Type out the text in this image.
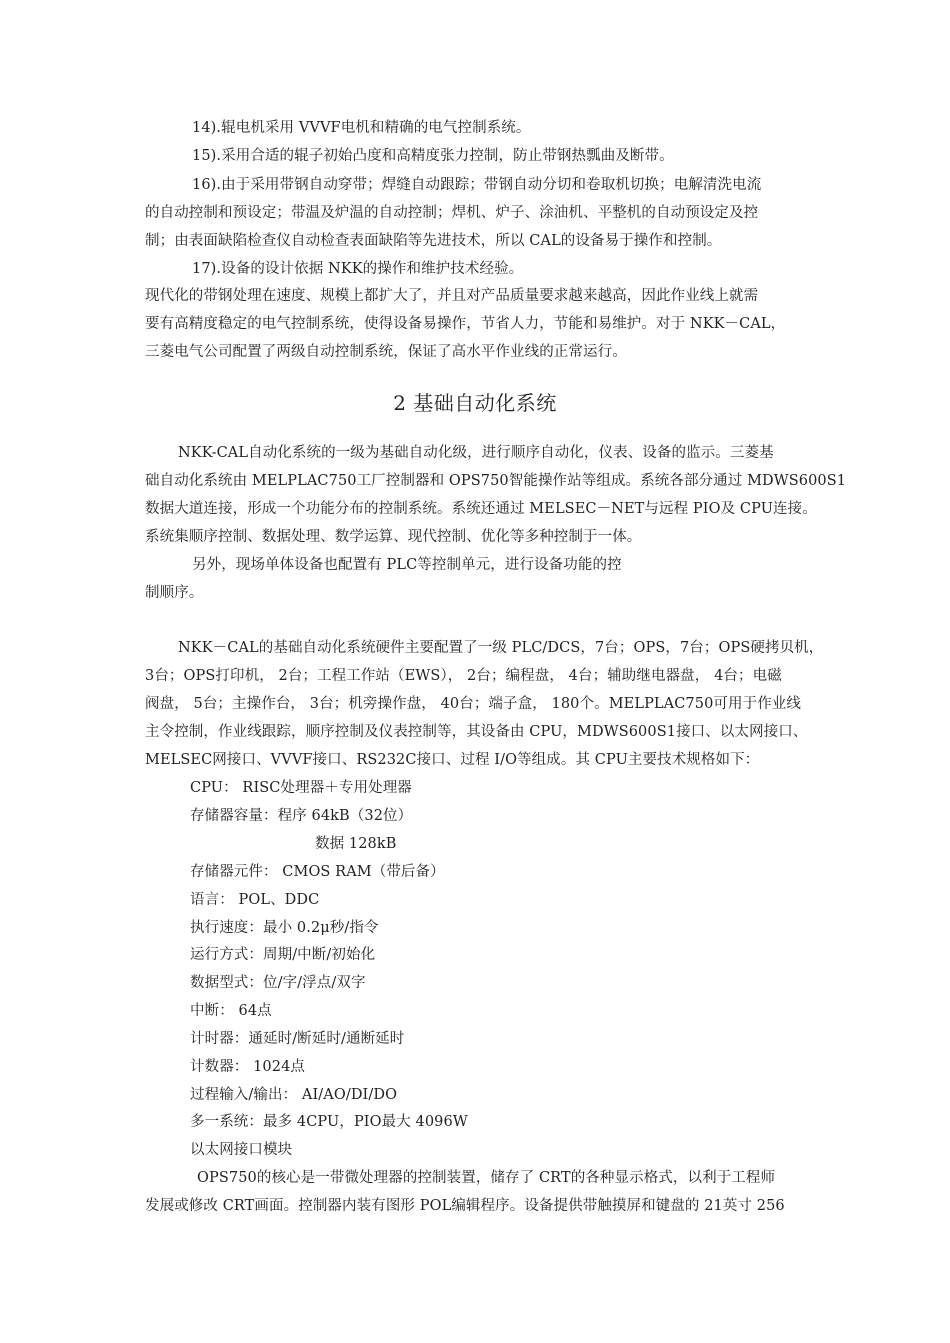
14).辊电机采用 VVVF电机和精确的电气控制系统。
15).采用合适的辊子初始凸度和高精度张力控制，防止带钢热瓢曲及断带。
16).由于采用带钢自动穿带；焊缝自动跟踪；带钢自动分切和卷取机切换；电解清洗电流
的自动控制和预设定；带温及炉温的自动控制；焊机、炉子、涂油机、平整机的自动预设定及控
制；由表面缺陷检查仪自动检查表面缺陷等先进技术，所以 CAL的设备易于操作和控制。
17).设备的设计依据 NKK的操作和维护技术经验。
现代化的带钢处理在速度、规模上都扩大了，并且对产品质量要求越来越高，因此作业线上就需
要有高精度稳定的电气控制系统，使得设备易操作，节省人力，节能和易维护。对于 NKK－CAL，
三菱电气公司配置了两级自动控制系统，保证了高水平作业线的正常运行。
2 基础自动化系统
NKK-CAL自动化系统的一级为基础自动化级，进行顺序自动化，仪表、设备的监示。三菱基
础自动化系统由 MELPLAC750工厂控制器和 OPS750智能操作站等组成。系统各部分通过 MDWS600S1
数据大道连接，形成一个功能分布的控制系统。系统还通过 MELSEC－NET与远程 PIO及 CPU连接。
系统集顺序控制、数据处理、数学运算、现代控制、优化等多种控制于一体。
另外，现场单体设备也配置有 PLC等控制单元，进行设备功能的控
制顺序。
NKK－CAL的基础自动化系统硬件主要配置了一级 PLC/DCS，7台；OPS，7台；OPS硬拷贝机，
3台；OPS打印机， 2台；工程工作站（EWS）， 2台；编程盘， 4台；辅助继电器盘， 4台；电磁
阀盘， 5台；主操作台， 3台；机旁操作盘， 40台；端子盒， 180个。MELPLAC750可用于作业线
主令控制，作业线跟踪，顺序控制及仪表控制等，其设备由 CPU，MDWS600S1接口、以太网接口、
MELSEC网接口、VVVF接口、RS232C接口、过程 I/O等组成。其 CPU主要技术规格如下：
CPU： RISC处理器＋专用处理器
存储器容量：程序 64kB（32位）
数据 128kB
存储器元件： CMOS RAM（带后备）
语言： POL、DDC
执行速度：最小 0.2μ秒/指令
运行方式：周期/中断/初始化
数据型式：位/字/浮点/双字
中断： 64点
计时器：通延时/断延时/通断延时
计数器： 1024点
过程输入/输出： AI/AO/DI/DO
多一系统：最多 4CPU，PIO最大 4096W
以太网接口模块
OPS750的核心是一带微处理器的控制装置，储存了 CRT的各种显示格式，以利于工程师
发展或修改 CRT画面。控制器内装有图形 POL编辑程序。设备提供带触摸屏和键盘的 21英寸 256
